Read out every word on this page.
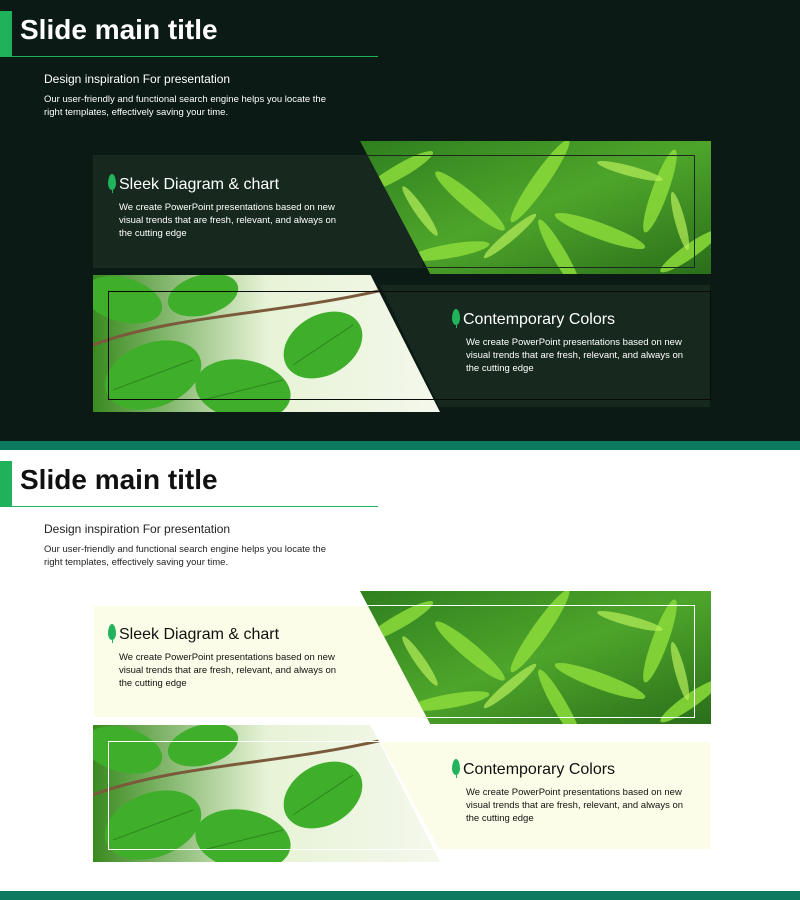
Slide main title
Design inspiration For presentation
Our user-friendly and functional search engine helps you locate the right templates, effectively saving your time.
Sleek Diagram & chart
We create PowerPoint presentations based on new visual trends that are fresh, relevant, and always on the cutting edge
Contemporary Colors
We create PowerPoint presentations based on new visual trends that are fresh, relevant, and always on the cutting edge
Slide main title
Design inspiration For presentation
Our user-friendly and functional search engine helps you locate the right templates, effectively saving your time.
Sleek Diagram & chart
We create PowerPoint presentations based on new visual trends that are fresh, relevant, and always on the cutting edge
Contemporary Colors
We create PowerPoint presentations based on new visual trends that are fresh, relevant, and always on the cutting edge
